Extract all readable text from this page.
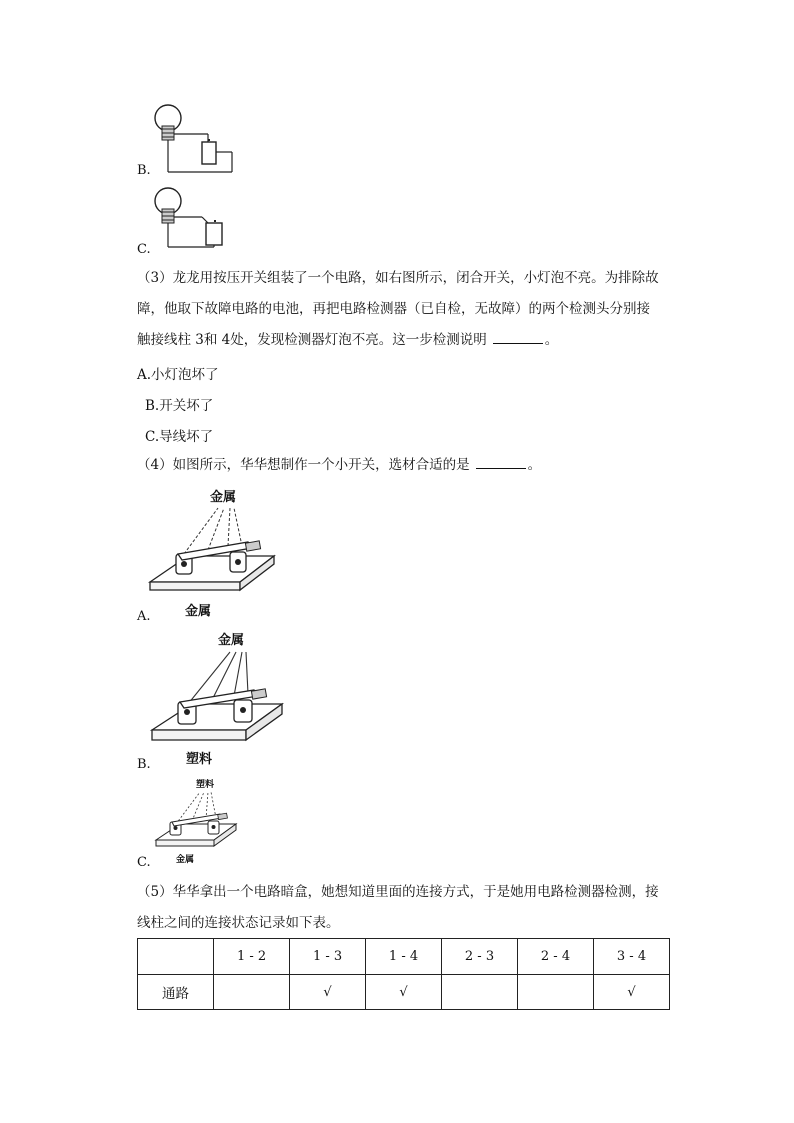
B.
C.
（3）龙龙用按压开关组装了一个电路，如右图所示，闭合开关，小灯泡不亮。为排除故
障，他取下故障电路的电池，再把电路检测器（已自检，无故障）的两个检测头分别接
触接线柱 3和 4处，发现检测器灯泡不亮。这一步检测说明	。
A.小灯泡坏了
B.开关坏了
C.导线坏了
（4）如图所示，华华想制作一个小开关，选材合适的是	。
金属
金属
A.
金属
塑料
B.
塑料
金属
C.
（5）华华拿出一个电路暗盒，她想知道里面的连接方式，于是她用电路检测器检测，接
线柱之间的连接状态记录如下表。
	1 - 2	1 - 3	1 - 4	2 - 3	2 - 4	3 - 4
通路		√	√			√
